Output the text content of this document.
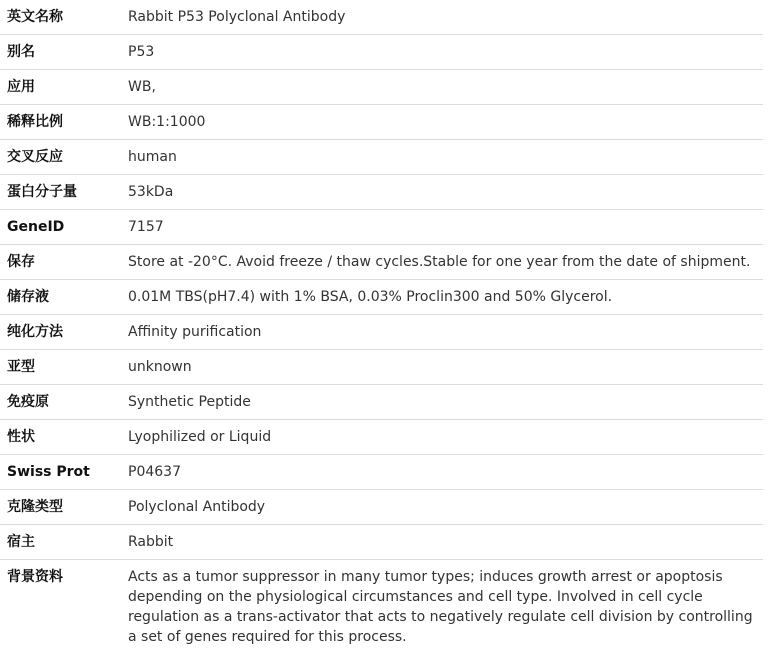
英文名称	Rabbit P53 Polyclonal Antibody
别名	P53
应用	WB,
稀释比例	WB:1:1000
交叉反应	human
蛋白分子量	53kDa
GeneID	7157
保存	Store at -20°C. Avoid freeze / thaw cycles.Stable for one year from the date of shipment.
储存液	0.01M TBS(pH7.4) with 1% BSA, 0.03% Proclin300 and 50% Glycerol.
纯化方法	Affinity purification
亚型	unknown
免疫原	Synthetic Peptide
性状	Lyophilized or Liquid
Swiss Prot	P04637
克隆类型	Polyclonal Antibody
宿主	Rabbit
背景资料	Acts as a tumor suppressor in many tumor types; induces growth arrest or apoptosis depending on the physiological circumstances and cell type. Involved in cell cycle regulation as a trans-activator that acts to negatively regulate cell division by controlling a set of genes required for this process.
